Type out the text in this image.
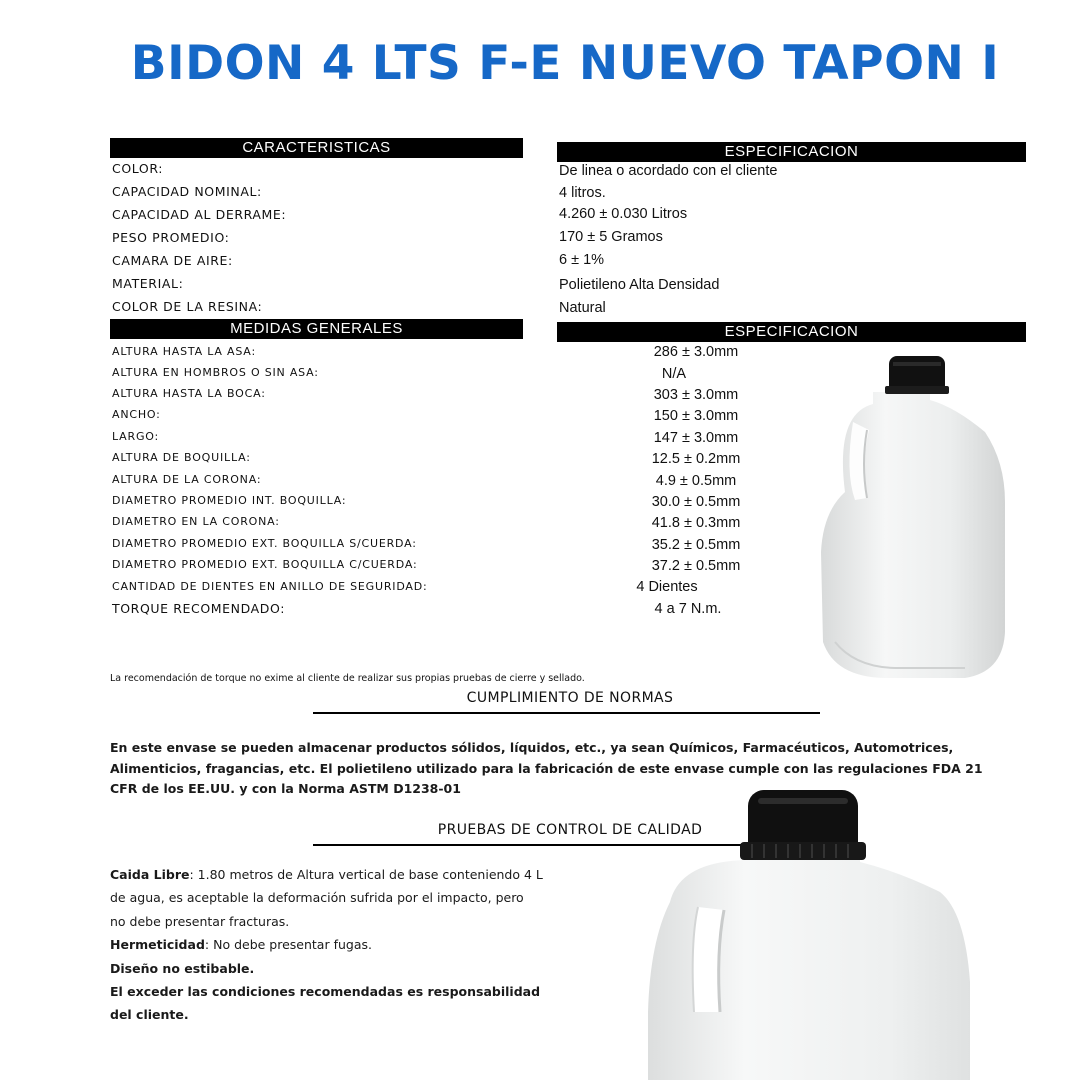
BIDON 4 LTS F-E NUEVO TAPON I
CARACTERISTICAS	ESPECIFICACION
COLOR:	De linea o acordado con el cliente
CAPACIDAD NOMINAL:	4 litros.
CAPACIDAD AL DERRAME:	4.260 ± 0.030 Litros
PESO PROMEDIO:	170 ± 5 Gramos
CAMARA DE AIRE:	6 ± 1%
MATERIAL:	Polietileno Alta Densidad
COLOR DE LA RESINA:	Natural
MEDIDAS GENERALES	ESPECIFICACION
ALTURA HASTA LA ASA:	286 ± 3.0mm
ALTURA EN HOMBROS O SIN ASA:	N/A
ALTURA HASTA LA BOCA:	303 ± 3.0mm
ANCHO:	150 ± 3.0mm
LARGO:	147 ± 3.0mm
ALTURA DE BOQUILLA:	12.5 ± 0.2mm
ALTURA DE LA CORONA:	4.9 ± 0.5mm
DIAMETRO PROMEDIO INT. BOQUILLA:	30.0 ± 0.5mm
DIAMETRO EN LA CORONA:	41.8 ± 0.3mm
DIAMETRO PROMEDIO EXT. BOQUILLA S/CUERDA:	35.2 ± 0.5mm
DIAMETRO PROMEDIO EXT. BOQUILLA C/CUERDA:	37.2 ± 0.5mm
CANTIDAD DE DIENTES EN ANILLO DE SEGURIDAD:	4 Dientes
TORQUE RECOMENDADO:	4 a 7 N.m.
La recomendación de torque no exime al cliente de realizar sus propias pruebas de cierre y sellado.
CUMPLIMIENTO DE NORMAS
En este envase se pueden almacenar productos sólidos, líquidos, etc., ya sean Químicos, Farmacéuticos, Automotrices, Alimenticios, fragancias, etc. El polietileno utilizado para la fabricación de este envase cumple con las regulaciones FDA 21 CFR de los EE.UU. y con la Norma ASTM D1238-01
PRUEBAS DE CONTROL DE CALIDAD
Caida Libre: 1.80 metros de Altura vertical de base conteniendo 4 L
de agua, es aceptable la deformación sufrida por el impacto, pero
no debe presentar fracturas.
Hermeticidad: No debe presentar fugas.
Diseño no estibable.
El exceder las condiciones recomendadas es responsabilidad
del cliente.
